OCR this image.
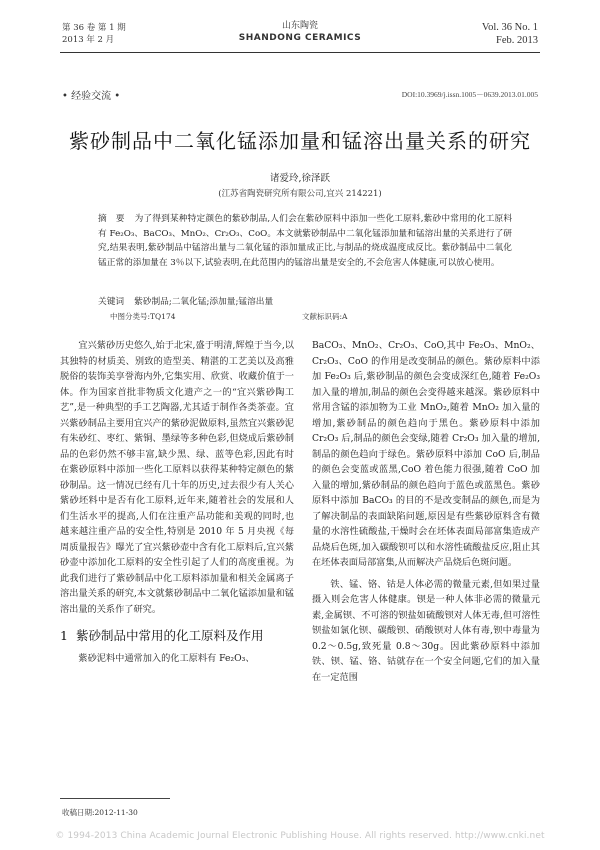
第 36 卷 第 1 期
2013 年 2 月
山东陶瓷
SHANDONG CERAMICS
Vol. 36 No. 1
Feb. 2013
• 经验交流 •	DOI:10.3969/j.issn.1005－0639.2013.01.005
紫砂制品中二氧化锰添加量和锰溶出量关系的研究
诸爱玲,徐泽跃
(江苏省陶瓷研究所有限公司,宜兴 214221)
摘　要 为了得到某种特定颜色的紫砂制品,人们会在紫砂原料中添加一些化工原料,紫砂中常用的化工原料有 Fe₂O₃、BaCO₃、MnO₂、Cr₂O₃、CoO。本文就紫砂制品中二氧化锰添加量和锰溶出量的关系进行了研究,结果表明,紫砂制品中锰溶出量与二氧化锰的添加量成正比,与制品的烧成温度成反比。紫砂制品中二氧化锰正常的添加量在 3％以下,试验表明,在此范围内的锰溶出量是安全的,不会危害人体健康,可以放心使用。
关键词 紫砂制品;二氧化锰;添加量;锰溶出量
中图分类号:TQ174	文献标识码:A

宜兴紫砂历史悠久,始于北宋,盛于明清,辉煌于当今,以其独特的材质美、别致的造型美、精湛的工艺美以及高雅脱俗的装饰美享誉海内外,它集实用、欣赏、收藏价值于一体。作为国家首批非物质文化遗产之一的“宜兴紫砂陶工艺”,是一种典型的手工艺陶器,尤其适于制作各类茶壶。宜兴紫砂制品主要用宜兴产的紫砂泥做原料,虽然宜兴紫砂泥有朱砂红、枣红、紫铜、墨绿等多种色彩,但烧成后紫砂制品的色彩仍然不够丰富,缺少黑、绿、蓝等色彩,因此有时在紫砂原料中添加一些化工原料以获得某种特定颜色的紫砂制品。这一情况已经有几十年的历史,过去很少有人关心紫砂坯料中是否有化工原料,近年来,随着社会的发展和人们生活水平的提高,人们在注重产品功能和美观的同时,也越来越注重产品的安全性,特别是 2010 年 5 月央视《每周质量报告》曝光了宜兴紫砂壶中含有化工原料后,宜兴紫砂壶中添加化工原料的安全性引起了人们的高度重视。为此我们进行了紫砂制品中化工原料添加量和相关金属离子溶出量关系的研究,本文就紫砂制品中二氧化锰添加量和锰溶出量的关系作了研究。

1 紫砂制品中常用的化工原料及作用

紫砂泥料中通常加入的化工原料有 Fe₂O₃、

BaCO₃、MnO₂、Cr₂O₃、CoO,其中 Fe₂O₃、MnO₂、Cr₂O₃、CoO 的作用是改变制品的颜色。紫砂原料中添加 Fe₂O₃ 后,紫砂制品的颜色会变成深红色,随着 Fe₂O₃ 加入量的增加,制品的颜色会变得越来越深。紫砂原料中常用含锰的添加物为工业 MnO₂,随着 MnO₂ 加入量的增加,紫砂制品的颜色趋向于黑色。紫砂原料中添加 Cr₂O₃ 后,制品的颜色会变绿,随着 Cr₂O₃ 加入量的增加,制品的颜色趋向于绿色。紫砂原料中添加 CoO 后,制品的颜色会变蓝或蓝黑,CoO 着色能力很强,随着 CoO 加入量的增加,紫砂制品的颜色趋向于蓝色或蓝黑色。紫砂原料中添加 BaCO₃ 的目的不是改变制品的颜色,而是为了解决制品的表面缺陷问题,原因是有些紫砂原料含有微量的水溶性硫酸盐,干燥时会在坯体表面局部富集造成产品烧后色斑,加入碳酸钡可以和水溶性硫酸盐反应,阻止其在坯体表面局部富集,从而解决产品烧后色斑问题。

铁、锰、铬、钴是人体必需的微量元素,但如果过量摄入则会危害人体健康。钡是一种人体非必需的微量元素,金属钡、不可溶的钡盐如硫酸钡对人体无毒,但可溶性钡盐如氯化钡、碳酸钡、硝酸钡对人体有毒,钡中毒量为 0.2～0.5g,致死量 0.8～30g。因此紫砂原料中添加铁、钡、锰、铬、钴就存在一个安全问题,它们的加入量在一定范围

收稿日期:2012-11-30
© 1994-2013 China Academic Journal Electronic Publishing House. All rights reserved. http://www.cnki.net
